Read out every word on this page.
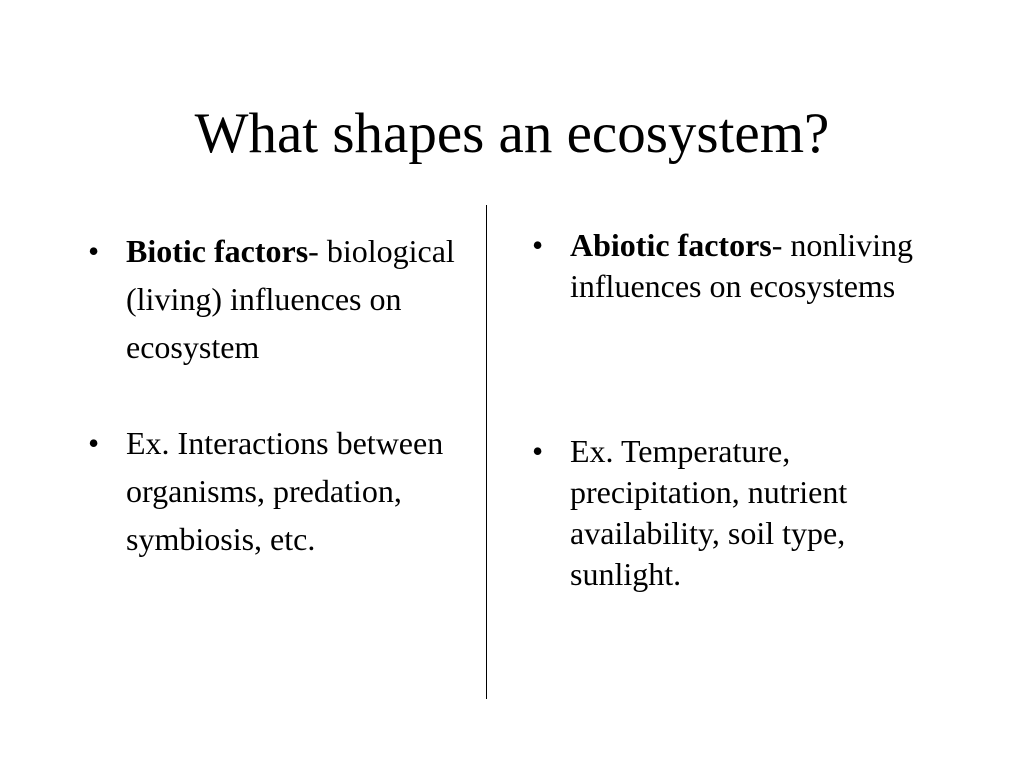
What shapes an ecosystem?
• Biotic factors- biological (living) influences on ecosystem
• Ex. Interactions between organisms, predation, symbiosis, etc.
• Abiotic factors- nonliving influences on ecosystems
• Ex. Temperature, precipitation, nutrient availability, soil type, sunlight.
